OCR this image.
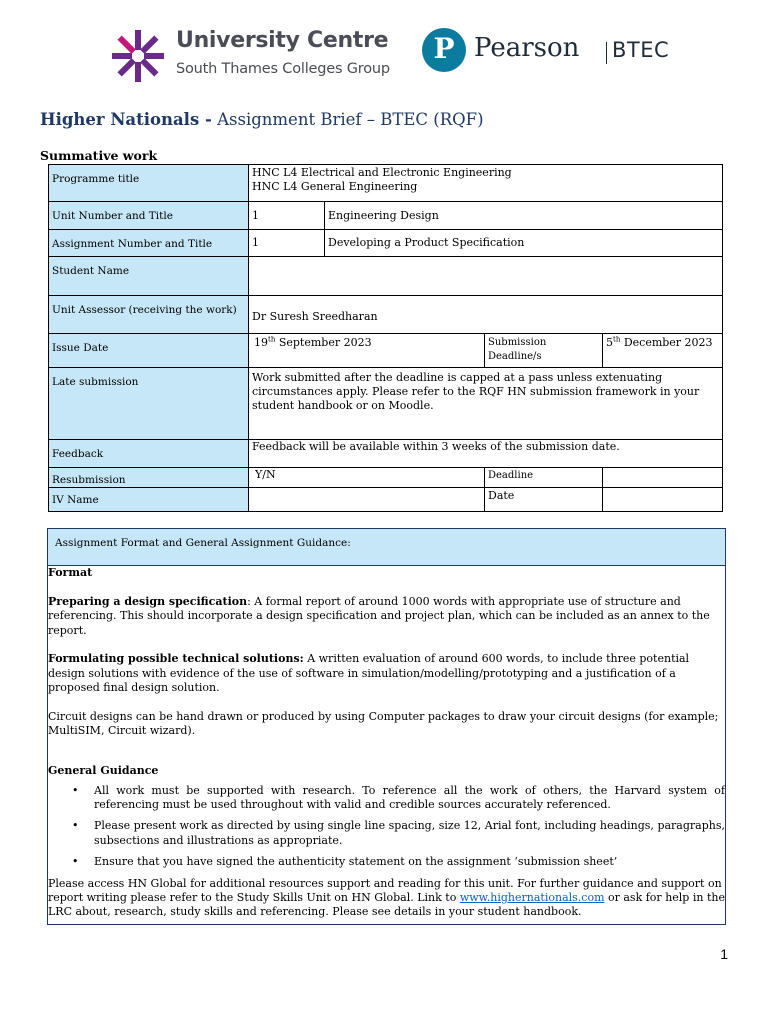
University Centre
South Thames Colleges Group
P Pearson BTEC
Higher Nationals - Assignment Brief – BTEC (RQF)
Summative work
Programme title	HNC L4 Electrical and Electronic Engineering
HNC L4 General Engineering			

Unit Number and Title	1	Engineering Design		
Assignment Number and Title	1	Developing a Product Specification		
Student Name				
Unit Assessor (receiving the work)	Dr Suresh Sreedharan			
Issue Date	19th September 2023		Submission Deadline/s	5th December 2023
Late submission	Work submitted after the deadline is capped at a pass unless extenuating circumstances apply. Please refer to the RQF HN submission framework in your student handbook or on Moodle.			
Feedback	Feedback will be available within 3 weeks of the submission date.			
Resubmission	Y/N		Deadline	
IV Name			Date	
Assignment Format and General Assignment Guidance:

Format

Preparing a design specification: A formal report of around 1000 words with appropriate use of structure and referencing. This should incorporate a design specification and project plan, which can be included as an annex to the report.

Formulating possible technical solutions: A written evaluation of around 600 words, to include three potential design solutions with evidence of the use of software in simulation/modelling/prototyping and a justification of a proposed final design solution.

Circuit designs can be hand drawn or produced by using Computer packages to draw your circuit designs (for example; MultiSIM, Circuit wizard).

General Guidance

• All work must be supported with research. To reference all the work of others, the Harvard system of referencing must be used throughout with valid and credible sources accurately referenced.
• Please present work as directed by using single line spacing, size 12, Arial font, including headings, paragraphs, subsections and illustrations as appropriate.
• Ensure that you have signed the authenticity statement on the assignment ‘submission sheet’

Please access HN Global for additional resources support and reading for this unit. For further guidance and support on report writing please refer to the Study Skills Unit on HN Global. Link to www.highernationals.com or ask for help in the LRC about, research, study skills and referencing. Please see details in your student handbook.

1
